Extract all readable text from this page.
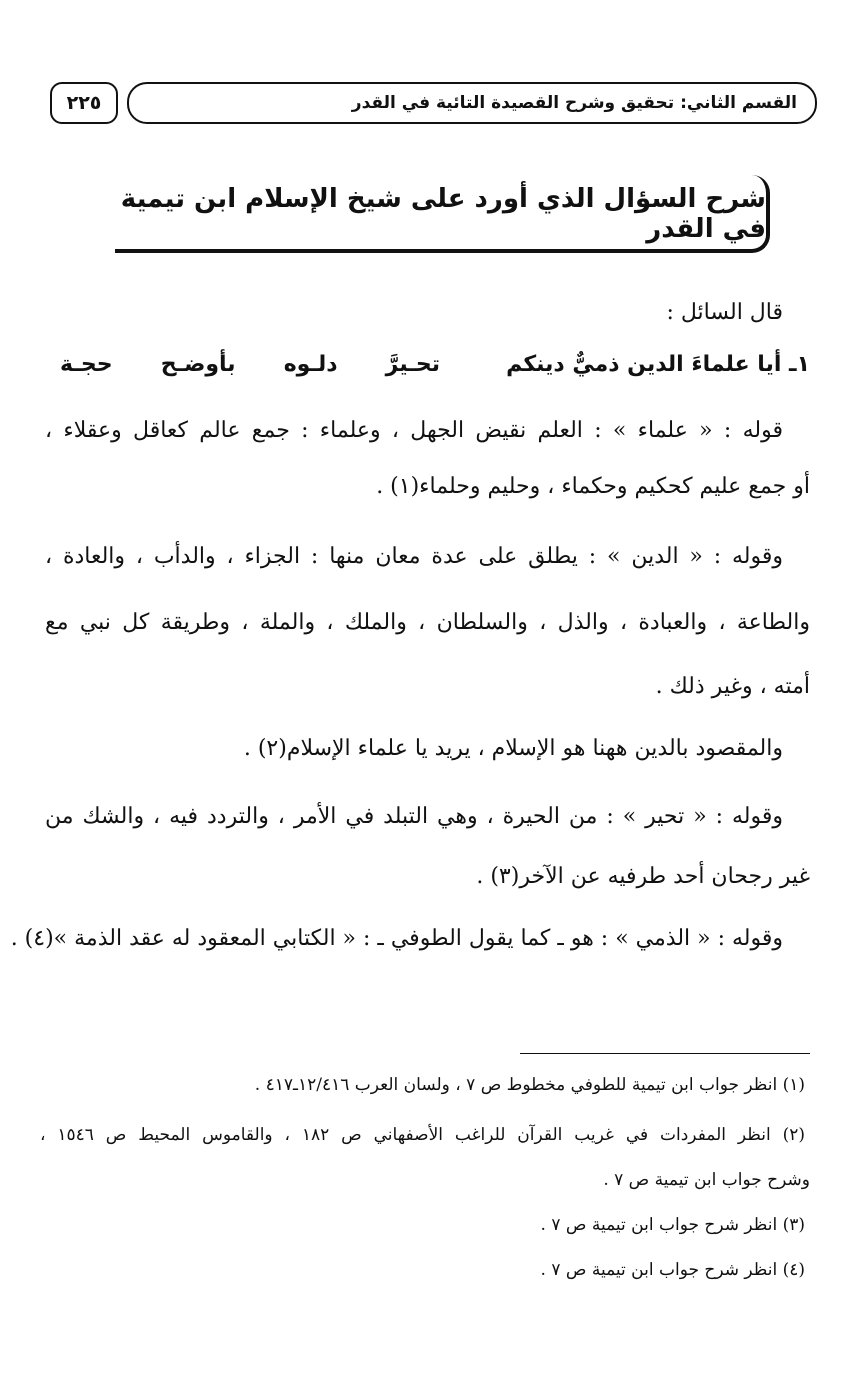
القسم الثاني: تحقيق وشرح القصيدة التائية في القدر
٢٢٥
شرح السؤال الذي أورد على شيخ الإسلام ابن تيمية في القدر
قال السائل :
١ـ أيا علماءَ الدين ذميٌّ دينكم
تحـيرَّ دلـوه بأوضـح حجـة
قوله : « علماء » : العلم نقيض الجهل ، وعلماء : جمع عالم كعاقل وعقلاء ،
أو جمع عليم كحكيم وحكماء ، وحليم وحلماء(١) .
وقوله : « الدين » : يطلق على عدة معان منها : الجزاء ، والدأب ، والعادة ،
والطاعة ، والعبادة ، والذل ، والسلطان ، والملك ، والملة ، وطريقة كل نبي مع
أمته ، وغير ذلك .
والمقصود بالدين ههنا هو الإسلام ، يريد يا علماء الإسلام(٢) .
وقوله : « تحير » : من الحيرة ، وهي التبلد في الأمر ، والتردد فيه ، والشك من
غير رجحان أحد طرفيه عن الآخر(٣) .
وقوله : « الذمي » : هو ـ كما يقول الطوفي ـ : « الكتابي المعقود له عقد الذمة »(٤) .
(١) انظر جواب ابن تيمية للطوفي مخطوط ص ٧ ، ولسان العرب ١٢/٤١٦ـ٤١٧ .
(٢) انظر المفردات في غريب القرآن للراغب الأصفهاني ص ١٨٢ ، والقاموس المحيط ص ١٥٤٦ ،
وشرح جواب ابن تيمية ص ٧ .
(٣) انظر شرح جواب ابن تيمية ص ٧ .
(٤) انظر شرح جواب ابن تيمية ص ٧ .
